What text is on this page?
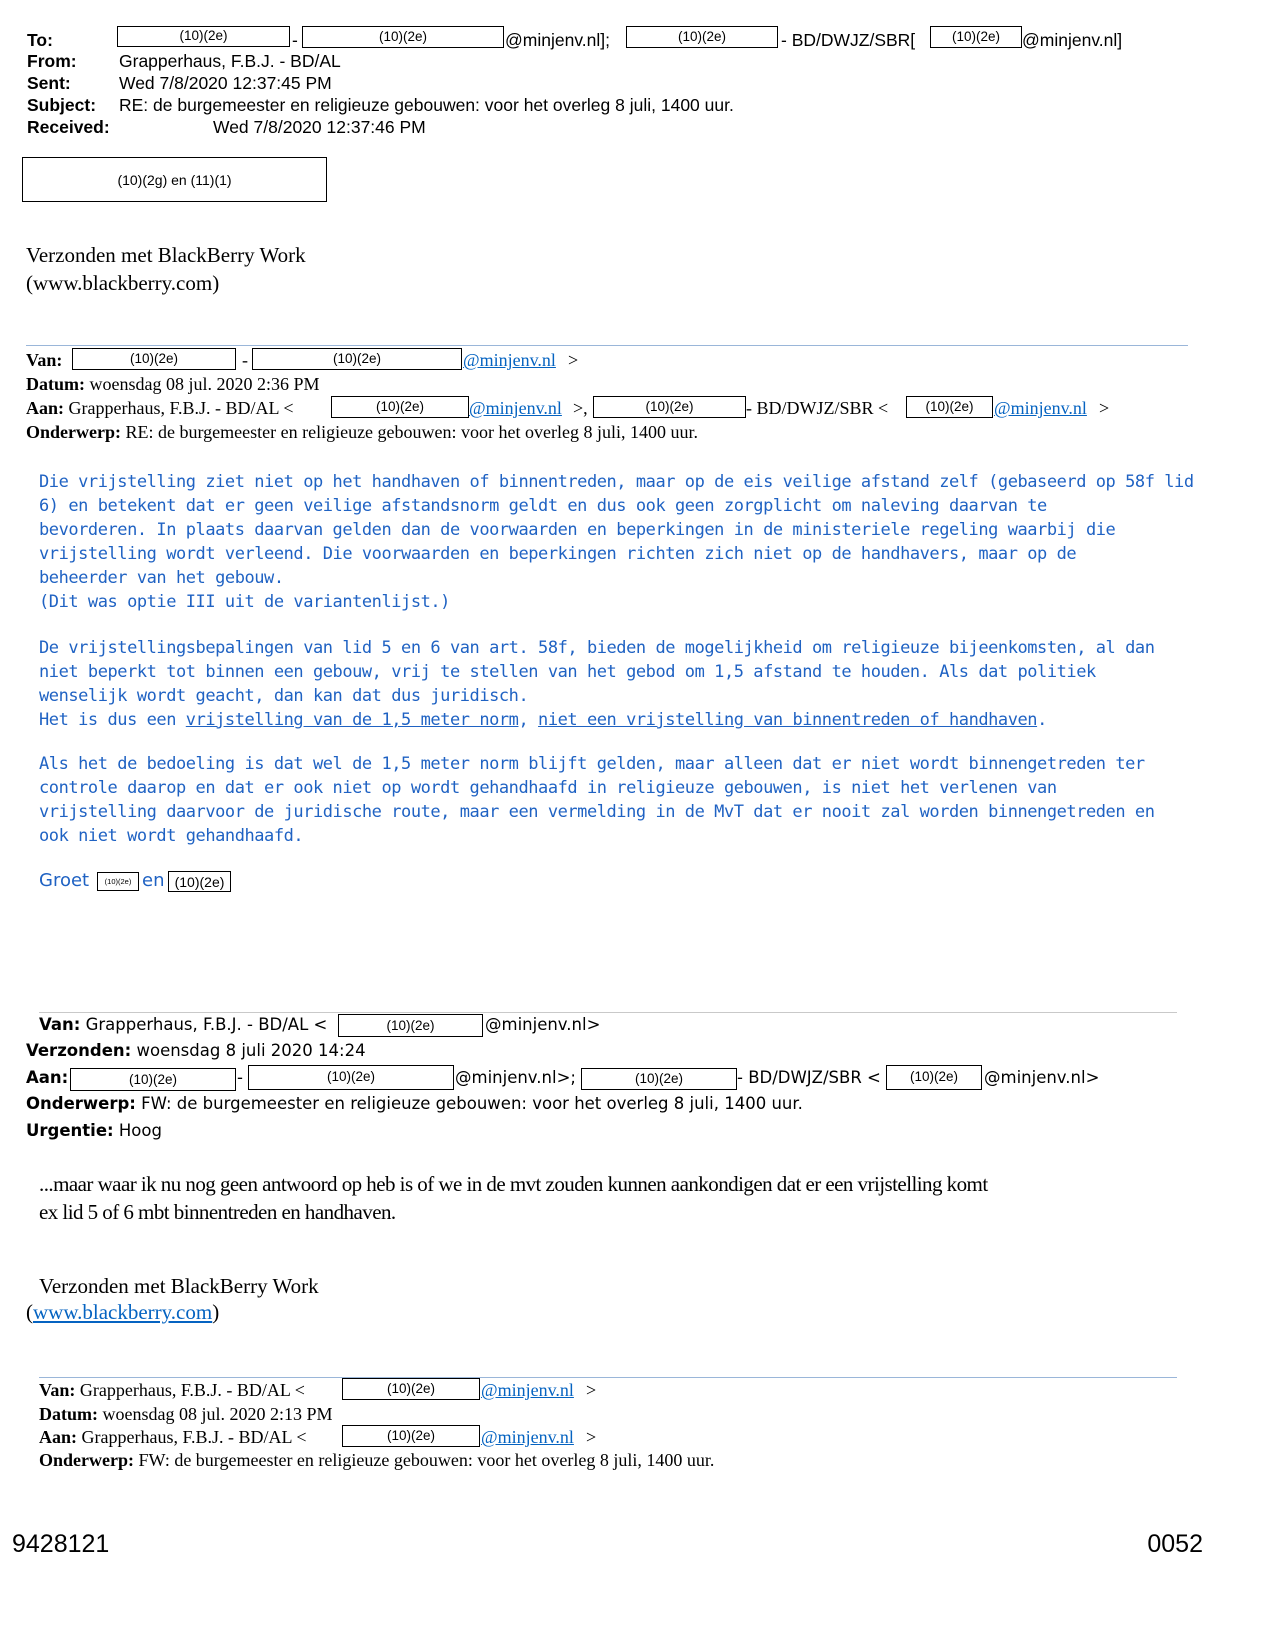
To:	(10)(2e)	-	(10)(2e)	@minjenv.nl];	(10)(2e)	- BD/DWJZ/SBR[	(10)(2e)	@minjenv.nl]
From: Grapperhaus, F.B.J. - BD/AL
Sent:	Wed 7/8/2020 12:37:45 PM
Subject: RE: de burgemeester en religieuze gebouwen: voor het overleg 8 juli, 1400 uur.
Received:	Wed 7/8/2020 12:37:46 PM
(10)(2g) en (11)(1)
Verzonden met BlackBerry Work
(www.blackberry.com)
Van:	(10)(2e)	-	(10)(2e)	@minjenv.nl >
Datum: woensdag 08 jul. 2020 2:36 PM
Aan: Grapperhaus, F.B.J. - BD/AL <	(10)(2e)	@minjenv.nl >,	(10)(2e)	- BD/DWJZ/SBR <	(10)(2e)	@minjenv.nl >
Onderwerp: RE: de burgemeester en religieuze gebouwen: voor het overleg 8 juli, 1400 uur.
Die vrijstelling ziet niet op het handhaven of binnentreden, maar op de eis veilige afstand zelf (gebaseerd op 58f lid
6) en betekent dat er geen veilige afstandsnorm geldt en dus ook geen zorgplicht om naleving daarvan te
bevorderen. In plaats daarvan gelden dan de voorwaarden en beperkingen in de ministeriele regeling waarbij die
vrijstelling wordt verleend. Die voorwaarden en beperkingen richten zich niet op de handhavers, maar op de
beheerder van het gebouw.
(Dit was optie III uit de variantenlijst.)
De vrijstellingsbepalingen van lid 5 en 6 van art. 58f, bieden de mogelijkheid om religieuze bijeenkomsten, al dan
niet beperkt tot binnen een gebouw, vrij te stellen van het gebod om 1,5 afstand te houden. Als dat politiek
wenselijk wordt geacht, dan kan dat dus juridisch.
Het is dus een vrijstelling van de 1,5 meter norm, niet een vrijstelling van binnentreden of handhaven.
Als het de bedoeling is dat wel de 1,5 meter norm blijft gelden, maar alleen dat er niet wordt binnengetreden ter
controle daarop en dat er ook niet op wordt gehandhaafd in religieuze gebouwen, is niet het verlenen van
vrijstelling daarvoor de juridische route, maar een vermelding in de MvT dat er nooit zal worden binnengetreden en
ook niet wordt gehandhaafd.
Groet	(10)(2e) en (10)(2e)
Van: Grapperhaus, F.B.J. - BD/AL <	(10)(2e)	@minjenv.nl>
Verzonden: woensdag 8 juli 2020 14:24
Aan:	(10)(2e)	-	(10)(2e)	@minjenv.nl>;	(10)(2e)	- BD/DWJZ/SBR <	(10)(2e)	@minjenv.nl>
Onderwerp: FW: de burgemeester en religieuze gebouwen: voor het overleg 8 juli, 1400 uur.
Urgentie: Hoog
...maar waar ik nu nog geen antwoord op heb is of we in de mvt zouden kunnen aankondigen dat er een vrijstelling komt
ex lid 5 of 6 mbt binnentreden en handhaven.
Verzonden met BlackBerry Work
(www.blackberry.com)
Van: Grapperhaus, F.B.J. - BD/AL <	(10)(2e)	@minjenv.nl >
Datum: woensdag 08 jul. 2020 2:13 PM
Aan: Grapperhaus, F.B.J. - BD/AL <	(10)(2e)	@minjenv.nl >
Onderwerp: FW: de burgemeester en religieuze gebouwen: voor het overleg 8 juli, 1400 uur.
9428121	0052
